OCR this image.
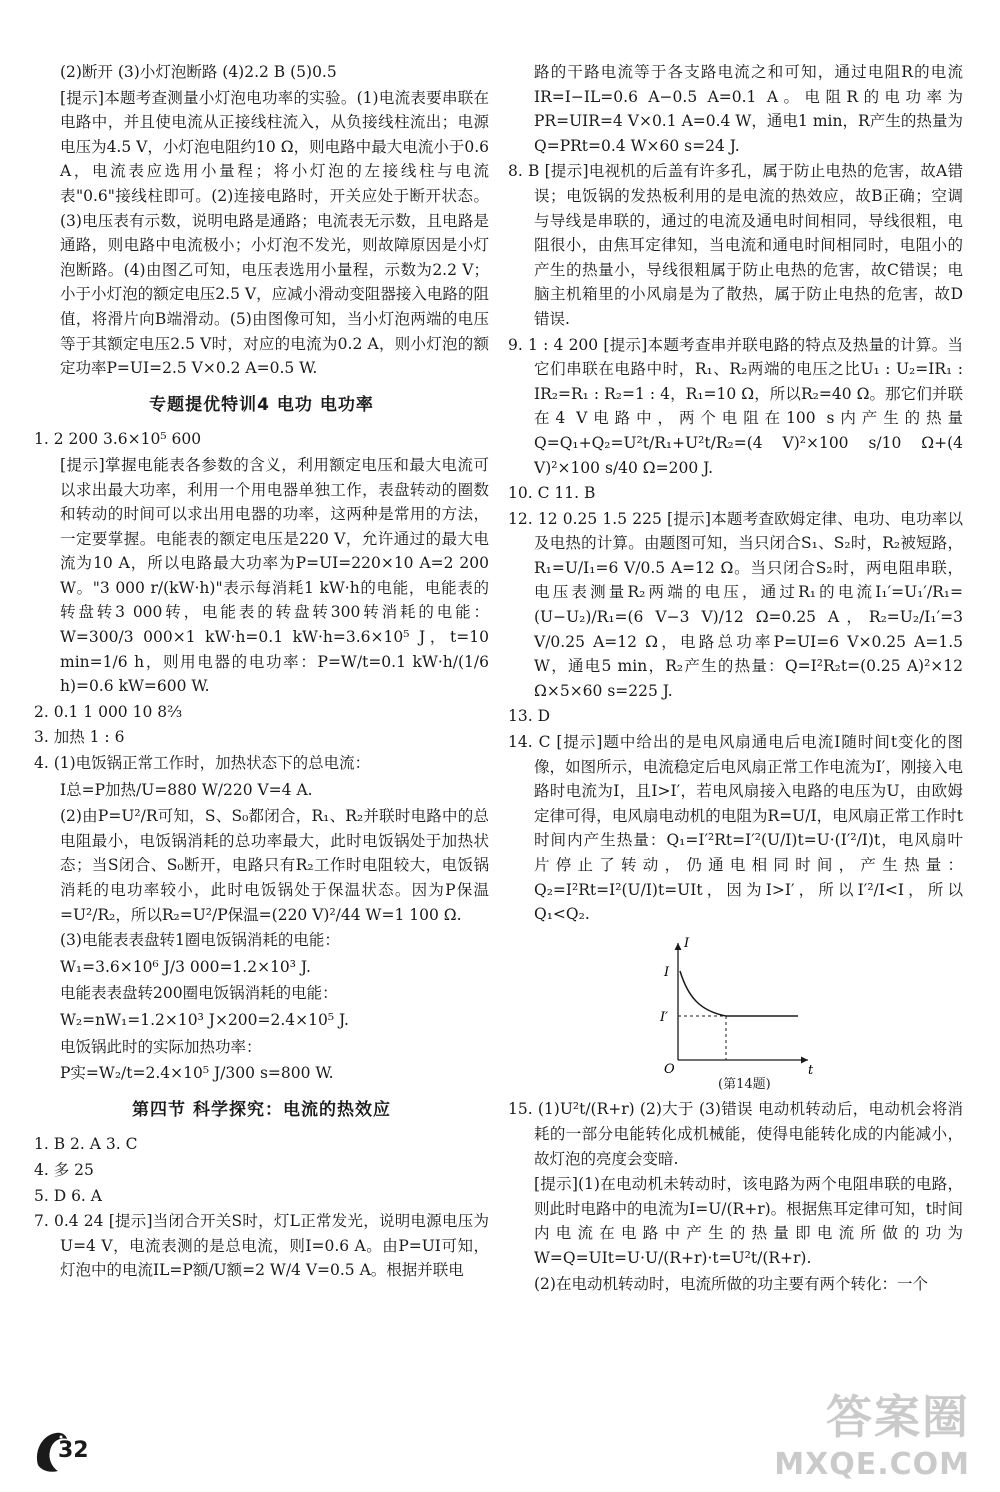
(2)断开 (3)小灯泡断路 (4)2.2 B (5)0.5

[提示]本题考查测量小灯泡电功率的实验。(1)电流表要串联在电路中，并且使电流从正接线柱流入，从负接线柱流出；电源电压为4.5 V，小灯泡电阻约10 Ω，则电路中最大电流小于0.6 A，电流表应选用小量程；将小灯泡的左接线柱与电流表"0.6"接线柱即可。(2)连接电路时，开关应处于断开状态。(3)电压表有示数，说明电路是通路；电流表无示数，且电路是通路，则电路中电流极小；小灯泡不发光，则故障原因是小灯泡断路。(4)由图乙可知，电压表选用小量程，示数为2.2 V；小于小灯泡的额定电压2.5 V，应减小滑动变阻器接入电路的阻值，将滑片向B端滑动。(5)由图像可知，当小灯泡两端的电压等于其额定电压2.5 V时，对应的电流为0.2 A，则小灯泡的额定功率P=UI=2.5 V×0.2 A=0.5 W.

专题提优特训4 电功 电功率

1. 2 200 3.6×10⁵ 600

[提示]掌握电能表各参数的含义，利用额定电压和最大电流可以求出最大功率，利用一个用电器单独工作，表盘转动的圈数和转动的时间可以求出用电器的功率，这两种是常用的方法，一定要掌握。电能表的额定电压是220 V，允许通过的最大电流为10 A，所以电路最大功率为P=UI=220×10 A=2 200 W。"3 000 r/(kW·h)"表示每消耗1 kW·h的电能，电能表的转盘转3 000转，电能表的转盘转300转消耗的电能：W=300/3 000×1 kW·h=0.1 kW·h=3.6×10⁵ J，t=10 min=1/6 h，则用电器的电功率：P=W/t=0.1 kW·h/(1/6 h)=0.6 kW=600 W.

2. 0.1 1 000 10 8⅔

3. 加热 1 : 6

4. (1)电饭锅正常工作时，加热状态下的总电流：

I总=P加热/U=880 W/220 V=4 A.

(2)由P=U²/R可知，S、S₀都闭合，R₁、R₂并联时电路中的总电阻最小，电饭锅消耗的总功率最大，此时电饭锅处于加热状态；当S闭合、S₀断开，电路只有R₂工作时电阻较大，电饭锅消耗的电功率较小，此时电饭锅处于保温状态。因为P保温=U²/R₂，所以R₂=U²/P保温=(220 V)²/44 W=1 100 Ω.

(3)电能表表盘转1圈电饭锅消耗的电能：

W₁=3.6×10⁶ J/3 000=1.2×10³ J.

电能表表盘转200圈电饭锅消耗的电能：

W₂=nW₁=1.2×10³ J×200=2.4×10⁵ J.

电饭锅此时的实际加热功率：

P实=W₂/t=2.4×10⁵ J/300 s=800 W.

第四节 科学探究：电流的热效应

1. B 2. A 3. C

4. 多 25

5. D 6. A

7. 0.4 24 [提示]当闭合开关S时，灯L正常发光，说明电源电压为U=4 V，电流表测的是总电流，则I=0.6 A。由P=UI可知，灯泡中的电流IL=P额/U额=2 W/4 V=0.5 A。根据并联电

路的干路电流等于各支路电流之和可知，通过电阻R的电流IR=I−IL=0.6 A−0.5 A=0.1 A。电阻R的电功率为PR=UIR=4 V×0.1 A=0.4 W，通电1 min，R产生的热量为Q=PRt=0.4 W×60 s=24 J.

8. B [提示]电视机的后盖有许多孔，属于防止电热的危害，故A错误；电饭锅的发热板利用的是电流的热效应，故B正确；空调与导线是串联的，通过的电流及通电时间相同，导线很粗，电阻很小，由焦耳定律知，当电流和通电时间相同时，电阻小的产生的热量小，导线很粗属于防止电热的危害，故C错误；电脑主机箱里的小风扇是为了散热，属于防止电热的危害，故D错误.

9. 1 : 4 200 [提示]本题考查串并联电路的特点及热量的计算。当它们串联在电路中时，R₁、R₂两端的电压之比U₁ : U₂=IR₁ : IR₂=R₁ : R₂=1 : 4，R₁=10 Ω，所以R₂=40 Ω。那它们并联在4 V电路中，两个电阻在100 s内产生的热量Q=Q₁+Q₂=U²t/R₁+U²t/R₂=(4 V)²×100 s/10 Ω+(4 V)²×100 s/40 Ω=200 J.

10. C 11. B

12. 12 0.25 1.5 225 [提示]本题考查欧姆定律、电功、电功率以及电热的计算。由题图可知，当只闭合S₁、S₂时，R₂被短路，R₁=U/I₁=6 V/0.5 A=12 Ω。当只闭合S₂时，两电阻串联，电压表测量R₂两端的电压，通过R₁的电流I₁′=U₁′/R₁=(U−U₂)/R₁=(6 V−3 V)/12 Ω=0.25 A，R₂=U₂/I₁′=3 V/0.25 A=12 Ω，电路总功率P=UI=6 V×0.25 A=1.5 W，通电5 min，R₂产生的热量：Q=I²R₂t=(0.25 A)²×12 Ω×5×60 s=225 J.

13. D

14. C [提示]题中给出的是电风扇通电后电流I随时间t变化的图像，如图所示，电流稳定后电风扇正常工作电流为I′，刚接入电路时电流为I，且I>I′，若电风扇接入电路的电压为U，由欧姆定律可得，电风扇电动机的电阻为R=U/I，电风扇正常工作时t时间内产生热量：Q₁=I′²Rt=I′²(U/I)t=U·(I′²/I)t，电风扇叶片停止了转动，仍通电相同时间，产生热量：Q₂=I²Rt=I²(U/I)t=UIt，因为I>I′，所以I′²/I<I，所以Q₁<Q₂.

I
t
O
I
I′
(第14题)

15. (1)U²t/(R+r) (2)大于 (3)错误 电动机转动后，电动机会将消耗的一部分电能转化成机械能，使得电能转化成的内能减小，故灯泡的亮度会变暗.

[提示](1)在电动机未转动时，该电路为两个电阻串联的电路，则此时电路中的电流为I=U/(R+r)。根据焦耳定律可知，t时间内电流在电路中产生的热量即电流所做的功为W=Q=UIt=U·U/(R+r)·t=U²t/(R+r).

(2)在电动机转动时，电流所做的功主要有两个转化：一个

32
答案圈
MXQE.COM
